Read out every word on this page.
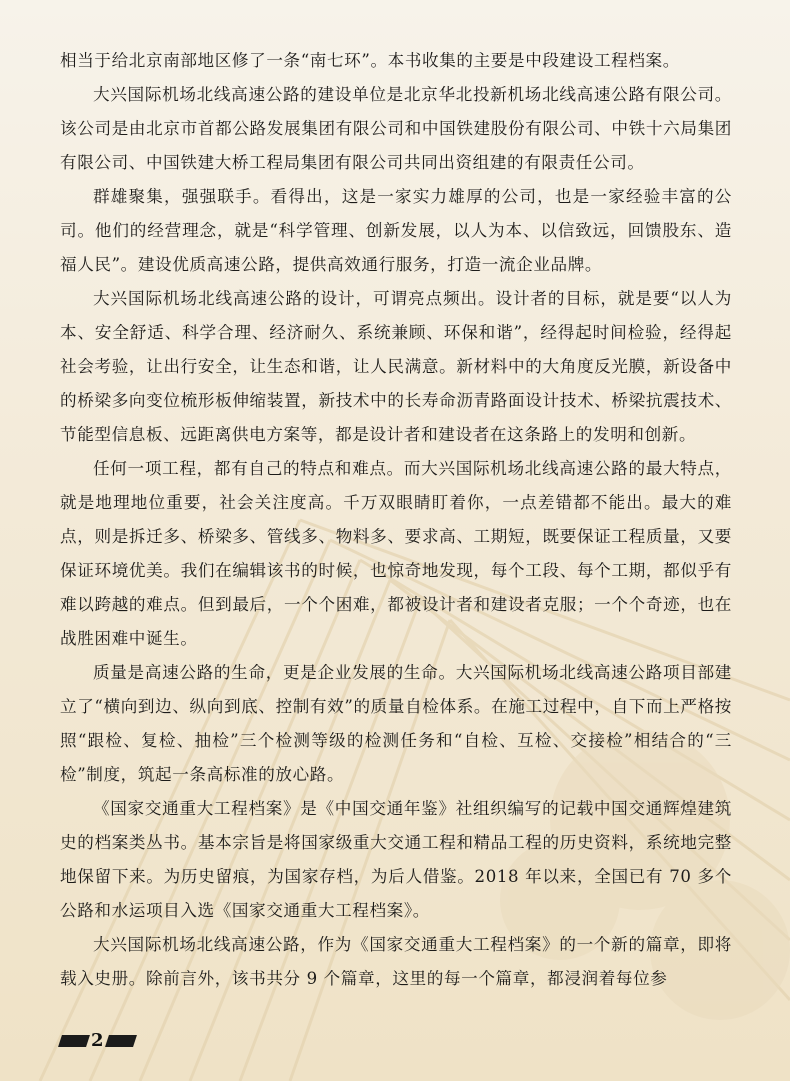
相当于给北京南部地区修了一条“南七环”。本书收集的主要是中段建设工程档案。

大兴国际机场北线高速公路的建设单位是北京华北投新机场北线高速公路有限公司。该公司是由北京市首都公路发展集团有限公司和中国铁建股份有限公司、中铁十六局集团有限公司、中国铁建大桥工程局集团有限公司共同出资组建的有限责任公司。

群雄聚集，强强联手。看得出，这是一家实力雄厚的公司，也是一家经验丰富的公司。他们的经营理念，就是“科学管理、创新发展，以人为本、以信致远，回馈股东、造福人民”。建设优质高速公路，提供高效通行服务，打造一流企业品牌。

大兴国际机场北线高速公路的设计，可谓亮点频出。设计者的目标，就是要“以人为本、安全舒适、科学合理、经济耐久、系统兼顾、环保和谐”，经得起时间检验，经得起社会考验，让出行安全，让生态和谐，让人民满意。新材料中的大角度反光膜，新设备中的桥梁多向变位梳形板伸缩装置，新技术中的长寿命沥青路面设计技术、桥梁抗震技术、节能型信息板、远距离供电方案等，都是设计者和建设者在这条路上的发明和创新。

任何一项工程，都有自己的特点和难点。而大兴国际机场北线高速公路的最大特点，就是地理地位重要，社会关注度高。千万双眼睛盯着你，一点差错都不能出。最大的难点，则是拆迁多、桥梁多、管线多、物料多、要求高、工期短，既要保证工程质量，又要保证环境优美。我们在编辑该书的时候，也惊奇地发现，每个工段、每个工期，都似乎有难以跨越的难点。但到最后，一个个困难，都被设计者和建设者克服；一个个奇迹，也在战胜困难中诞生。

质量是高速公路的生命，更是企业发展的生命。大兴国际机场北线高速公路项目部建立了“横向到边、纵向到底、控制有效”的质量自检体系。在施工过程中，自下而上严格按照“跟检、复检、抽检”三个检测等级的检测任务和“自检、互检、交接检”相结合的“三检”制度，筑起一条高标准的放心路。

《国家交通重大工程档案》是《中国交通年鉴》社组织编写的记载中国交通辉煌建筑史的档案类丛书。基本宗旨是将国家级重大交通工程和精品工程的历史资料，系统地完整地保留下来。为历史留痕，为国家存档，为后人借鉴。2018 年以来，全国已有 70 多个公路和水运项目入选《国家交通重大工程档案》。

大兴国际机场北线高速公路，作为《国家交通重大工程档案》的一个新的篇章，即将载入史册。除前言外，该书共分 9 个篇章，这里的每一个篇章，都浸润着每位参

2
